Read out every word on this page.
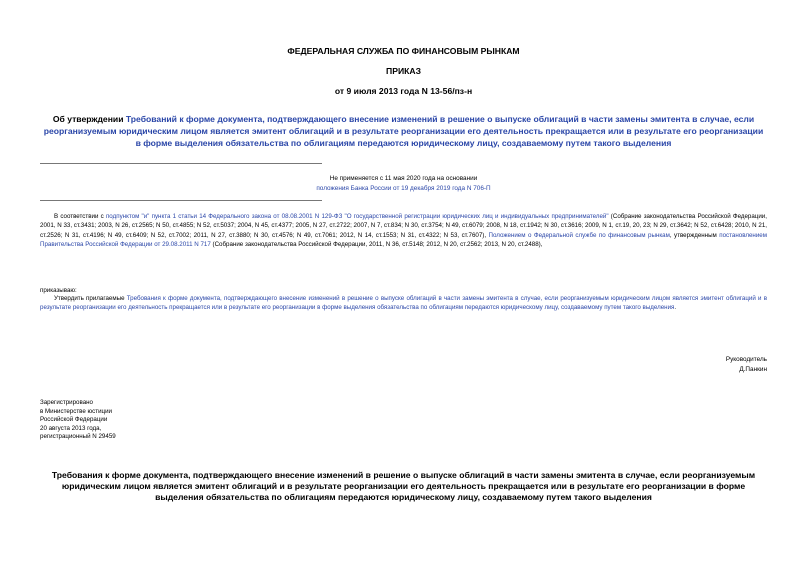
ФЕДЕРАЛЬНАЯ СЛУЖБА ПО ФИНАНСОВЫМ РЫНКАМ
ПРИКАЗ
от 9 июля 2013 года N 13-56/пз-н
Об утверждении Требований к форме документа, подтверждающего внесение изменений в решение о выпуске облигаций в части замены эмитента в случае, если реорганизуемым юридическим лицом является эмитент облигаций и в результате реорганизации его деятельность прекращается или в результате его реорганизации в форме выделения обязательства по облигациям передаются юридическому лицу, создаваемому путем такого выделения
Не применяется с 11 мая 2020 года на основании
положения Банка России от 19 декабря 2019 года N 706-П
В соответствии с подпунктом "и" пункта 1 статьи 14 Федерального закона от 08.08.2001 N 129-ФЗ "О государственной регистрации юридических лиц и индивидуальных предпринимателей" (Собрание законодательства Российской Федерации, 2001, N 33, ст.3431; 2003, N 26, ст.2565; N 50, ст.4855; N 52, ст.5037; 2004, N 45, ст.4377; 2005, N 27, ст.2722; 2007, N 7, ст.834; N 30, ст.3754; N 49, ст.6079; 2008, N 18, ст.1942; N 30, ст.3616; 2009, N 1, ст.19, 20, 23; N 29, ст.3642; N 52, ст.6428; 2010, N 21, ст.2526; N 31, ст.4196; N 49, ст.6409; N 52, ст.7002; 2011, N 27, ст.3880; N 30, ст.4576; N 49, ст.7061; 2012, N 14, ст.1553; N 31, ст.4322; N 53, ст.7607), Положением о Федеральной службе по финансовым рынкам, утвержденным постановлением Правительства Российской Федерации от 29.08.2011 N 717 (Собрание законодательства Российской Федерации, 2011, N 36, ст.5148; 2012, N 20, ст.2562; 2013, N 20, ст.2488),
приказываю:
Утвердить прилагаемые Требования к форме документа, подтверждающего внесение изменений в решение о выпуске облигаций в части замены эмитента в случае, если реорганизуемым юридическим лицом является эмитент облигаций и в результате реорганизации его деятельность прекращается или в результате его реорганизации в форме выделения обязательства по облигациям передаются юридическому лицу, создаваемому путем такого выделения.
Руководитель
Д.Панкин
Зарегистрировано
в Министерстве юстиции
Российской Федерации
20 августа 2013 года,
регистрационный N 29459
Требования к форме документа, подтверждающего внесение изменений в решение о выпуске облигаций в части замены эмитента в случае, если реорганизуемым юридическим лицом является эмитент облигаций и в результате реорганизации его деятельность прекращается или в результате его реорганизации в форме выделения обязательства по облигациям передаются юридическому лицу, создаваемому путем такого выделения
